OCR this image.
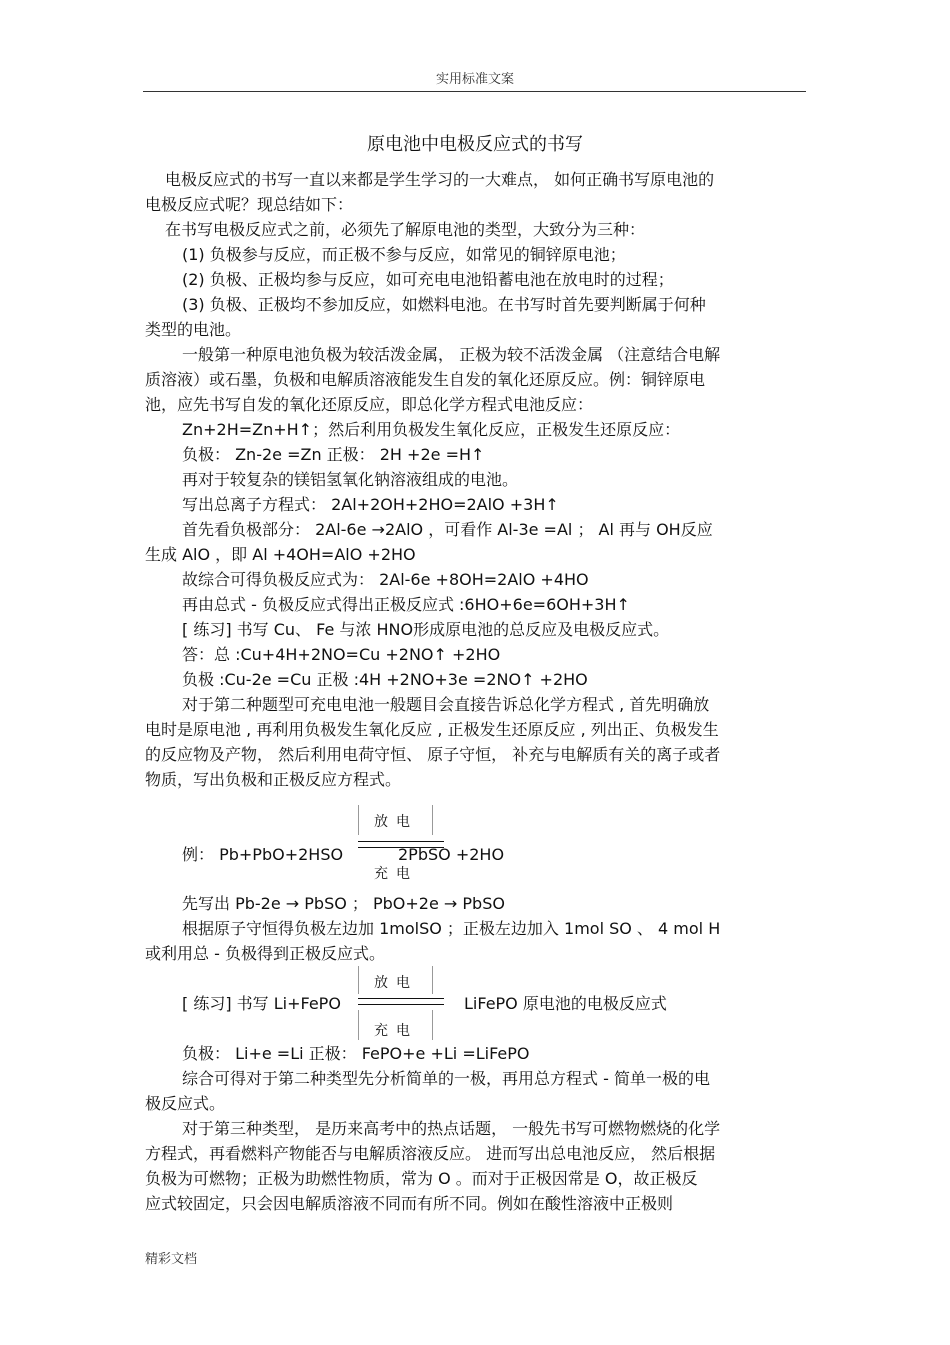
实用标准文案
原电池中电极反应式的书写
电极反应式的书写一直以来都是学生学习的一大难点， 如何正确书写原电池的
电极反应式呢？现总结如下：
在书写电极反应式之前，必须先了解原电池的类型，大致分为三种：
(1) 负极参与反应，而正极不参与反应，如常见的铜锌原电池；
(2) 负极、正极均参与反应，如可充电电池铅蓄电池在放电时的过程；
(3) 负极、正极均不参加反应，如燃料电池。在书写时首先要判断属于何种
类型的电池。
一般第一种原电池负极为较活泼金属， 正极为较不活泼金属 （注意结合电解
质溶液）或石墨，负极和电解质溶液能发生自发的氧化还原反应。例：铜锌原电
池，应先书写自发的氧化还原反应，即总化学方程式电池反应：
Zn+2H=Zn+H↑；然后利用负极发生氧化反应，正极发生还原反应：
负极： Zn-2e =Zn 正极： 2H +2e =H↑
再对于较复杂的镁铝氢氧化钠溶液组成的电池。
写出总离子方程式： 2Al+2OH+2HO=2AlO +3H↑
首先看负极部分： 2Al-6e →2AlO ，可看作 Al-3e =Al ； Al 再与 OH反应
生成 AlO ，即 Al +4OH=AlO +2HO
故综合可得负极反应式为： 2Al-6e +8OH=2AlO +4HO
再由总式 - 负极反应式得出正极反应式 :6HO+6e=6OH+3H↑
[ 练习] 书写 Cu、 Fe 与浓 HNO形成原电池的总反应及电极反应式。
答：总 :Cu+4H+2NO=Cu +2NO↑ +2HO
负极 :Cu-2e =Cu 正极 :4H +2NO+3e =2NO↑ +2HO
对于第二种题型可充电电池一般题目会直接告诉总化学方程式 , 首先明确放
电时是原电池 , 再利用负极发生氧化反应 , 正极发生还原反应 , 列出正、负极发生
的反应物及产物， 然后利用电荷守恒、 原子守恒， 补充与电解质有关的离子或者
物质，写出负极和正极反应方程式。
例： Pb+PbO+2HSO
放电
充电
2PbSO +2HO
先写出 Pb-2e → PbSO ； PbO+2e → PbSO
根据原子守恒得负极左边加 1molSO ；正极左边加入 1mol SO 、 4 mol H
或利用总 - 负极得到正极反应式。
[ 练习] 书写 Li+FePO
放电
充电
LiFePO 原电池的电极反应式
负极： Li+e =Li 正极： FePO+e +Li =LiFePO
综合可得对于第二种类型先分析简单的一极，再用总方程式 - 简单一极的电
极反应式。
对于第三种类型， 是历来高考中的热点话题， 一般先书写可燃物燃烧的化学
方程式，再看燃料产物能否与电解质溶液反应。 进而写出总电池反应， 然后根据
负极为可燃物；正极为助燃性物质，常为 O 。而对于正极因常是 O，故正极反
应式较固定，只会因电解质溶液不同而有所不同。例如在酸性溶液中正极则
精彩文档
